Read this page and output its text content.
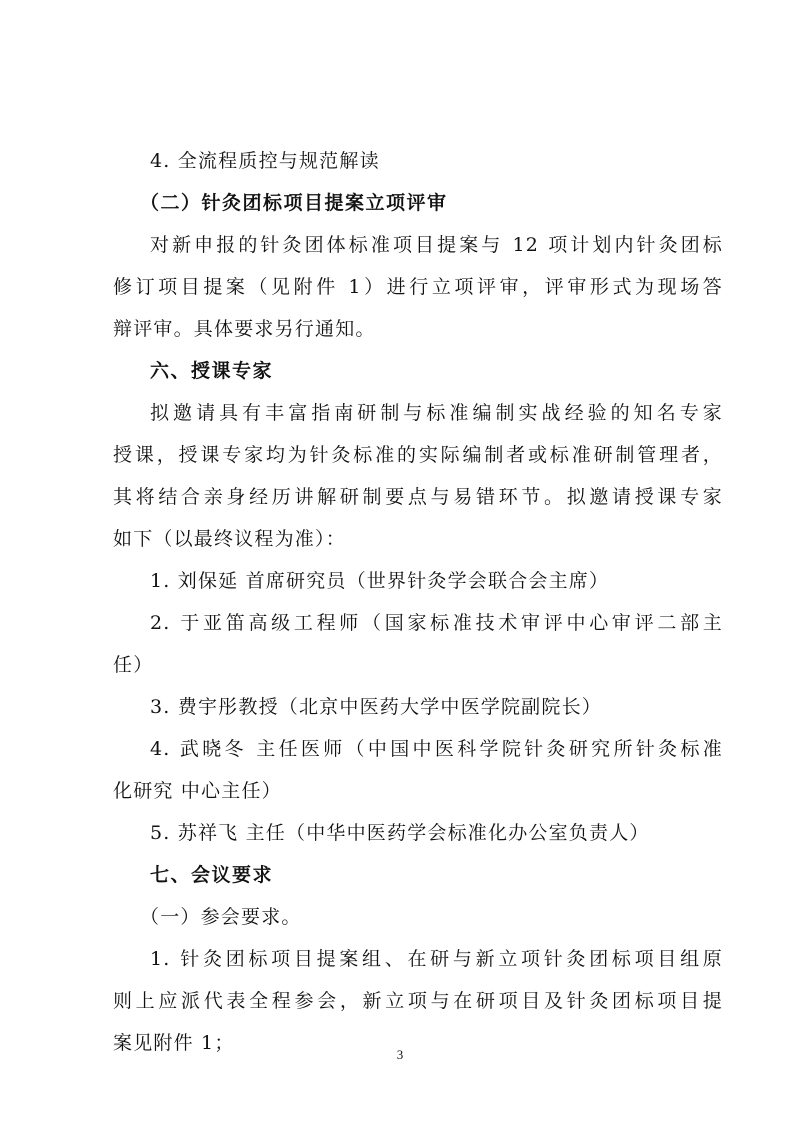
4. 全流程质控与规范解读
（二）针灸团标项目提案立项评审
对新申报的针灸团体标准项目提案与 12 项计划内针灸团标
修订项目提案（见附件 1）进行立项评审，评审形式为现场答
辩评审。具体要求另行通知。
六、授课专家
拟邀请具有丰富指南研制与标准编制实战经验的知名专家
授课，授课专家均为针灸标准的实际编制者或标准研制管理者，
其将结合亲身经历讲解研制要点与易错环节。拟邀请授课专家
如下（以最终议程为准）：
1. 刘保延 首席研究员（世界针灸学会联合会主席）
2. 于亚笛高级工程师（国家标准技术审评中心审评二部主
任）
3. 费宇彤教授（北京中医药大学中医学院副院长）
4. 武晓冬 主任医师（中国中医科学院针灸研究所针灸标准
化研究 中心主任）
5. 苏祥飞 主任（中华中医药学会标准化办公室负责人）
七、会议要求
（一）参会要求。
1. 针灸团标项目提案组、在研与新立项针灸团标项目组原
则上应派代表全程参会，新立项与在研项目及针灸团标项目提
案见附件 1；
3
